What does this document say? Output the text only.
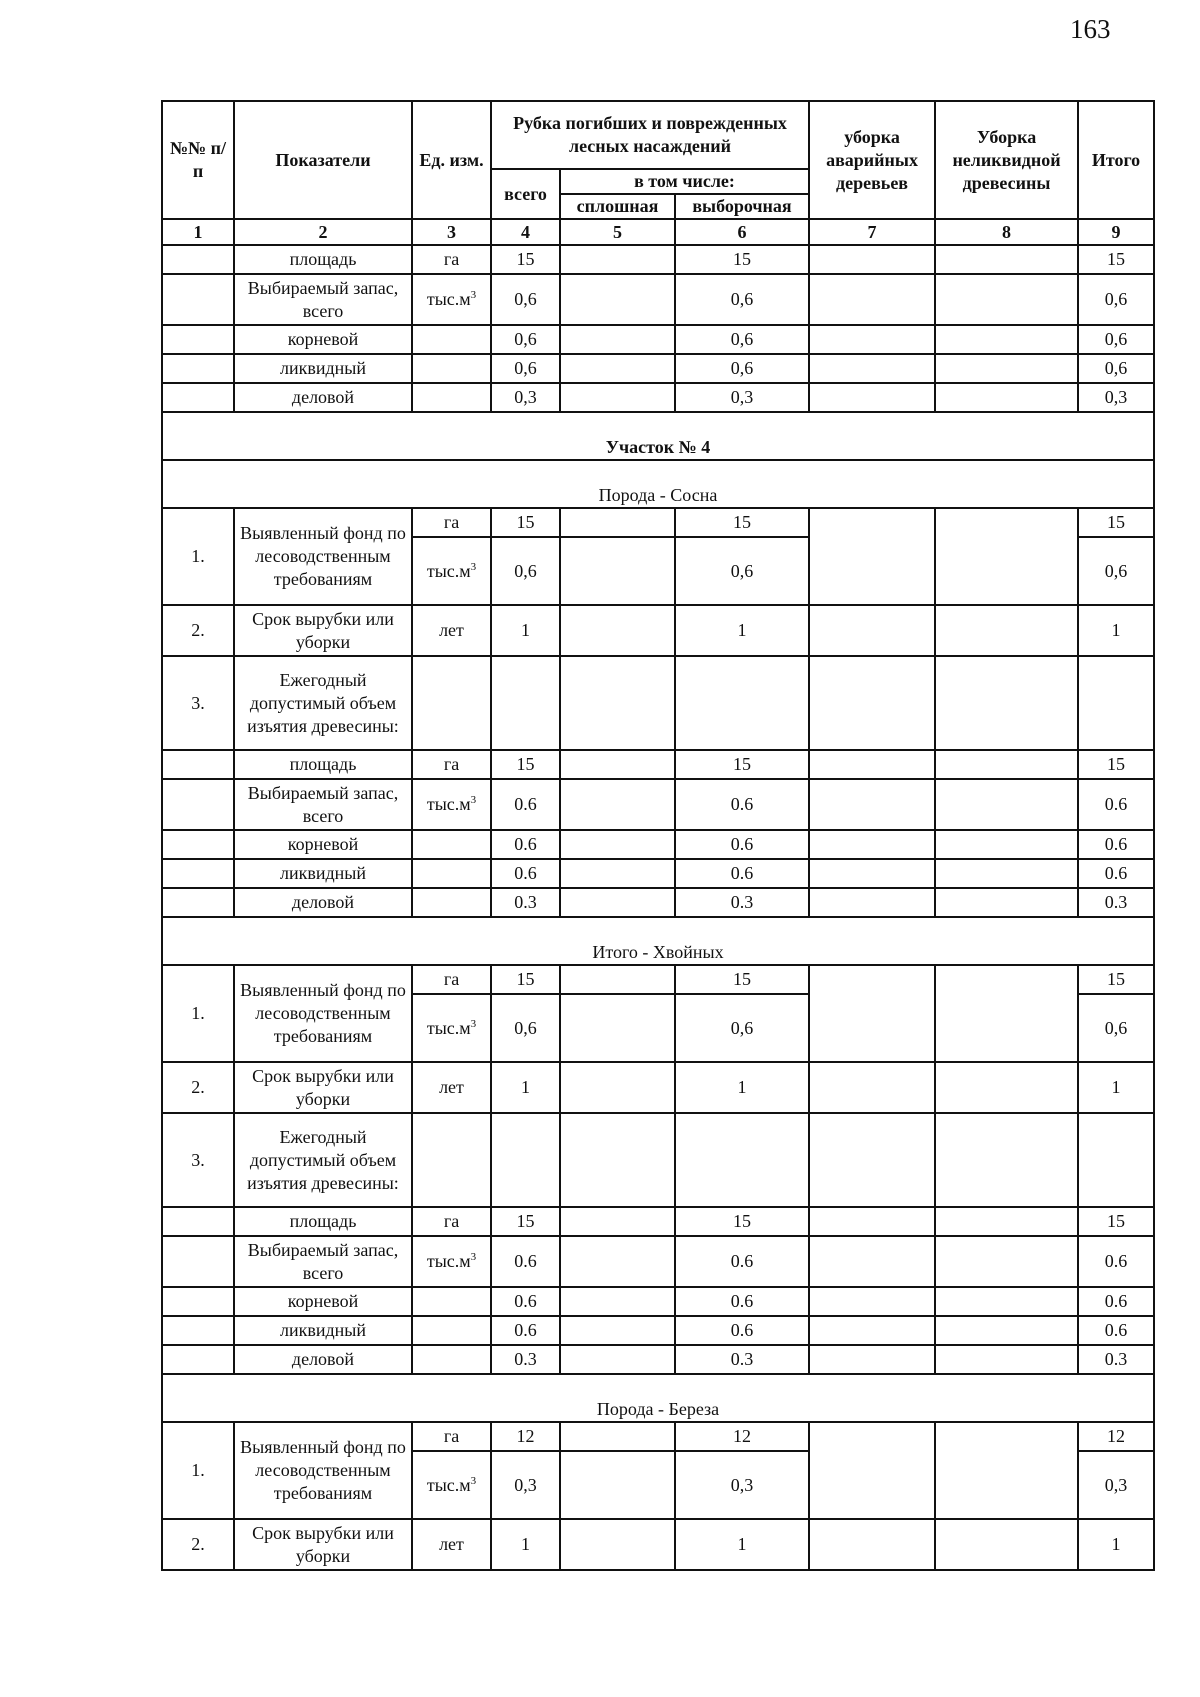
163
№№ п/п	Показатели	Ед. изм.	Рубка погибших и поврежденных лесных насаждений			уборка аварийных деревьев	Уборка неликвидной древесины	Итого
			всего	в том числе:				
				сплошная	выборочная			
1	2	3	4	5	6	7	8	9
	площадь	га	15		15			15
	Выбираемый запас, всего	$тыс.м^3$	0,6		0,6			0,6
	корневой		0,6		0,6			0,6
	ликвидный		0,6		0,6			0,6
	деловой		0,3		0,3			0,3
Участок № 4								
Порода - Сосна								
1.	Выявленный фонд по лесоводственным требованиям	га	15		15			15
		$тыс.м^3$	0,6		0,6			0,6
2.	Срок вырубки или уборки	лет	1		1			1
3.	Ежегодный допустимый объем изъятия древесины:							
	площадь	га	15		15			15
	Выбираемый запас, всего	$тыс.м^3$	0.6		0.6			0.6
	корневой		0.6		0.6			0.6
	ликвидный		0.6		0.6			0.6
	деловой		0.3		0.3			0.3
Итого - Хвойных								
1.	Выявленный фонд по лесоводственным требованиям	га	15		15			15
		$тыс.м^3$	0,6		0,6			0,6
2.	Срок вырубки или уборки	лет	1		1			1
3.	Ежегодный допустимый объем изъятия древесины:							
	площадь	га	15		15			15
	Выбираемый запас, всего	$тыс.м^3$	0.6		0.6			0.6
	корневой		0.6		0.6			0.6
	ликвидный		0.6		0.6			0.6
	деловой		0.3		0.3			0.3
Порода - Береза								
1.	Выявленный фонд по лесоводственным требованиям	га	12		12			12
		$тыс.м^3$	0,3		0,3			0,3
2.	Срок вырубки или уборки	лет	1		1			1
